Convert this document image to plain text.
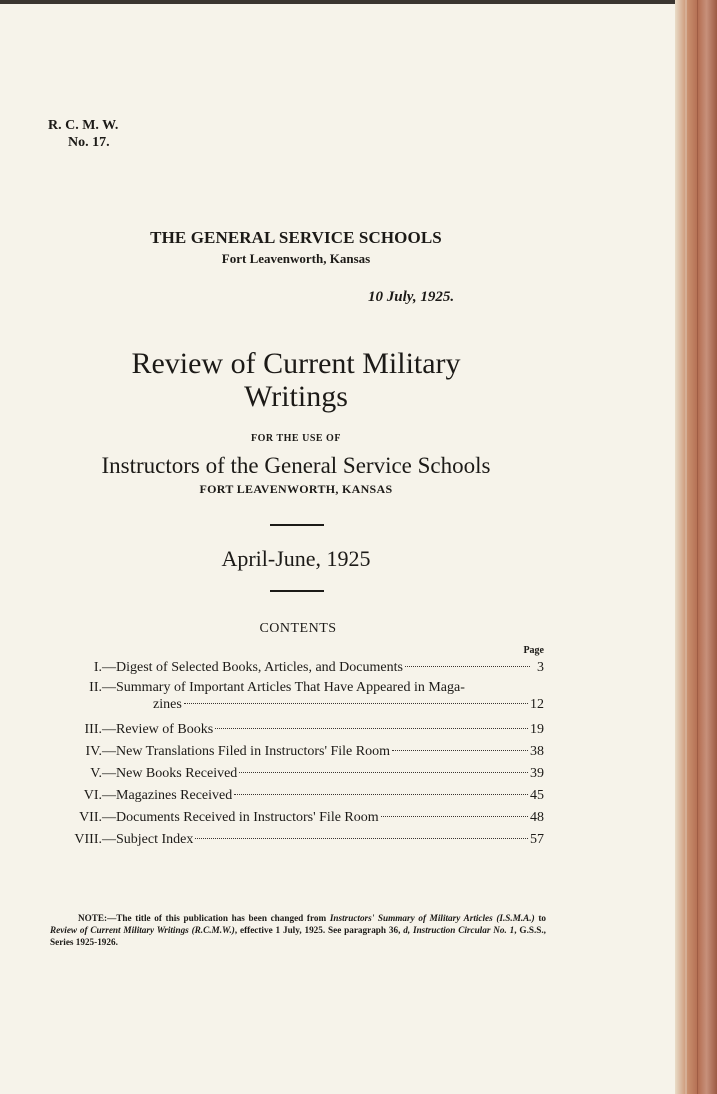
R. C. M. W.
No. 17.
THE GENERAL SERVICE SCHOOLS
Fort Leavenworth, Kansas
10 July, 1925.
Review of Current Military
Writings
FOR THE USE OF
Instructors of the General Service Schools
FORT LEAVENWORTH, KANSAS
April-June, 1925
CONTENTS
Page
I. —Digest of Selected Books, Articles, and Documents	3
II. —Summary of Important Articles That Have Appeared in Maga-
zines	12
III. —Review of Books	19
IV. —New Translations Filed in Instructors' File Room	38
V. —New Books Received	39
VI. —Magazines Received	45
VII. —Documents Received in Instructors' File Room	48
VIII. —Subject Index	57
NOTE:—The title of this publication has been changed from Instructors' Summary of Military Articles (I.S.M.A.) to Review of Current Military Writings (R.C.M.W.), effective 1 July, 1925. See paragraph 36, d, Instruction Circular No. 1, G.S.S., Series 1925-1926.
